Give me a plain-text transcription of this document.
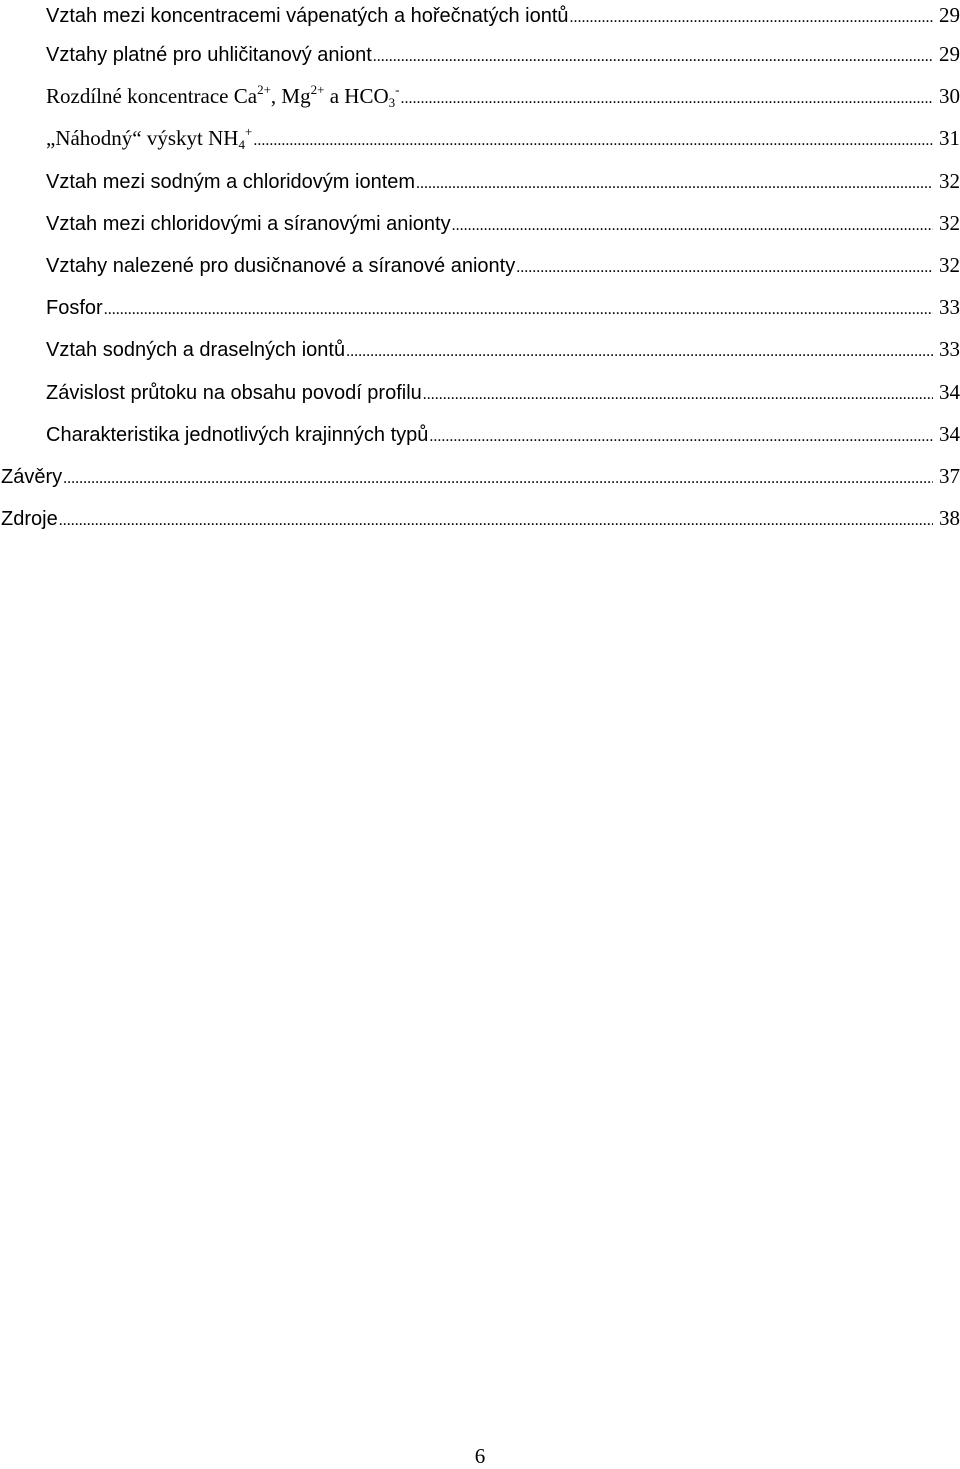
Vztah mezi koncentracemi vápenatých a hořečnatých iontů .....	29
Vztahy platné pro uhličitanový aniont .....	29
Rozdílné koncentrace $Ca^{2+}$, $Mg^{2+}$ a $HCO_3^-$ .....	30
„Náhodný“ výskyt $NH_4^+$ .....	31
Vztah mezi sodným a chloridovým iontem .....	32
Vztah mezi chloridovými a síranovými anionty .....	32
Vztahy nalezené pro dusičnanové a síranové anionty .....	32
Fosfor .....	33
Vztah sodných a draselných iontů .....	33
Závislost průtoku na obsahu povodí profilu .....	34
Charakteristika jednotlivých krajinných typů .....	34
Závěry .....	37
Zdroje .....	38
6
